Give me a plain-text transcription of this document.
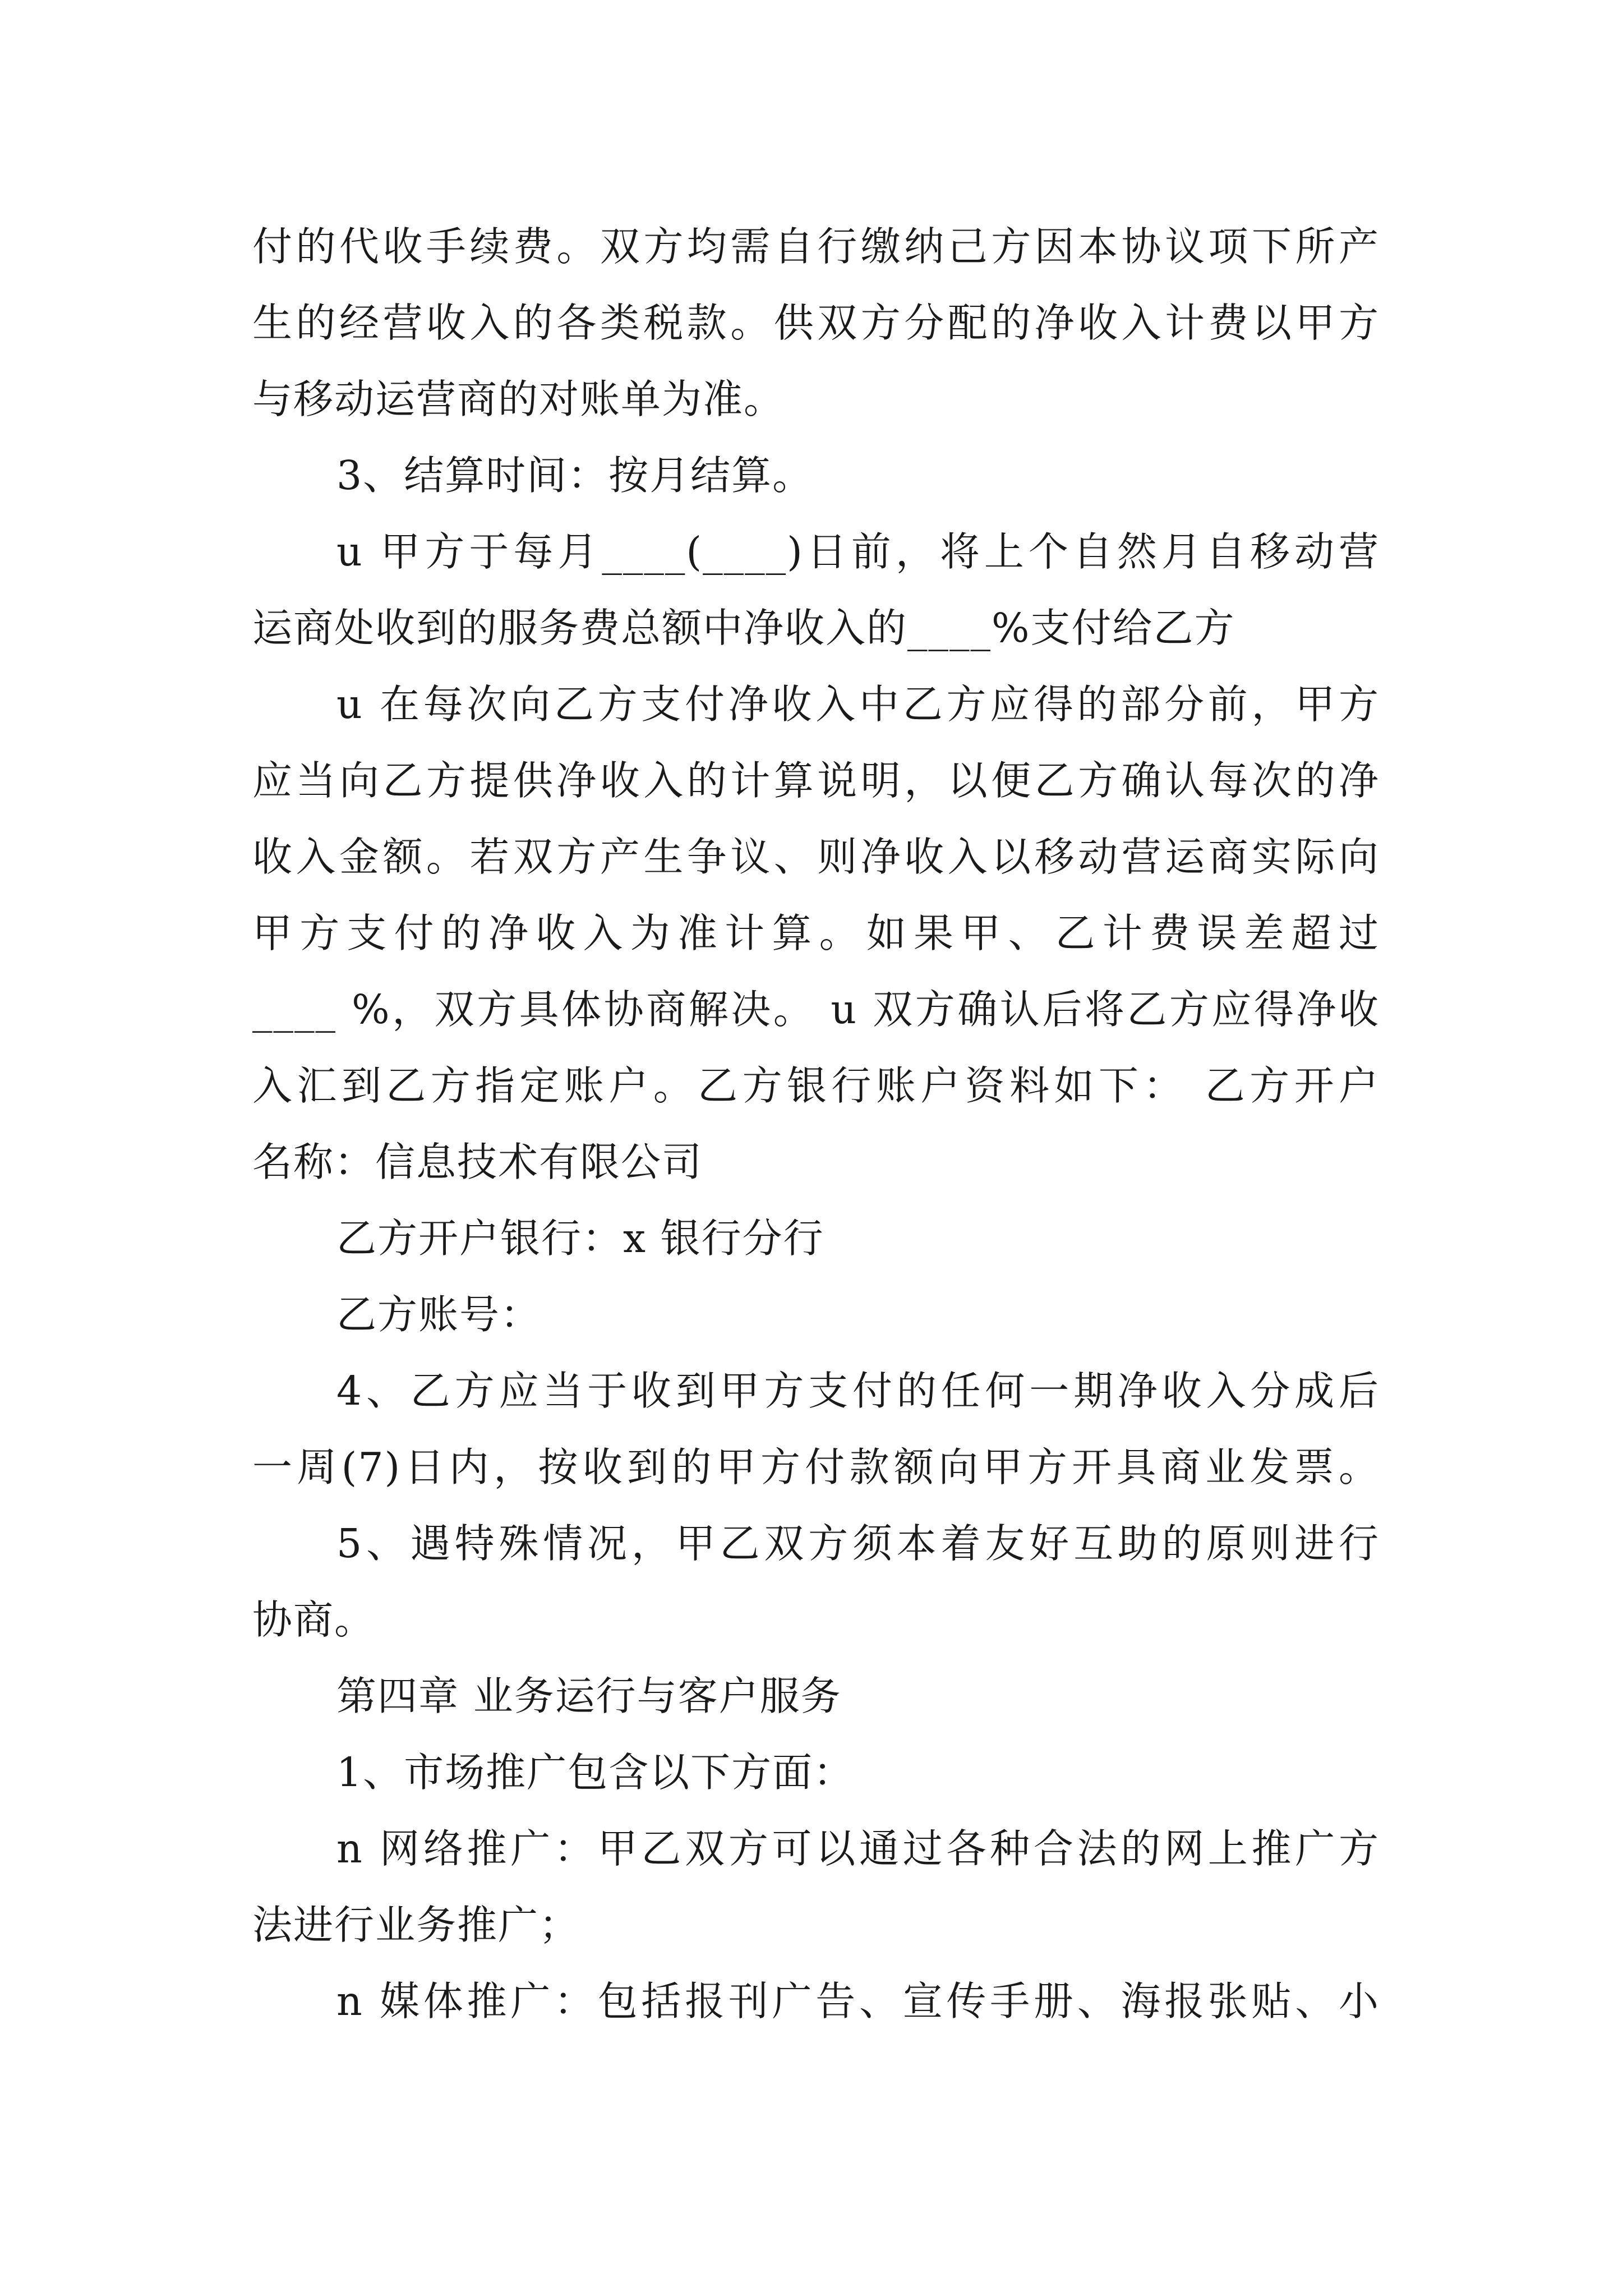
付的代收手续费。双方均需自行缴纳己方因本协议项下所产
生的经营收入的各类税款。供双方分配的净收入计费以甲方
与移动运营商的对账单为准。
3、结算时间：按月结算。
u 甲方于每月____(____)日前，将上个自然月自移动营
运商处收到的服务费总额中净收入的____%支付给乙方
u 在每次向乙方支付净收入中乙方应得的部分前，甲方
应当向乙方提供净收入的计算说明，以便乙方确认每次的净
收入金额。若双方产生争议、则净收入以移动营运商实际向
甲方支付的净收入为准计算。如果甲、乙计费误差超过
____ %，双方具体协商解决。 u 双方确认后将乙方应得净收
入汇到乙方指定账户。乙方银行账户资料如下： 乙方开户
名称：信息技术有限公司
乙方开户银行：x 银行分行
乙方账号：
4、乙方应当于收到甲方支付的任何一期净收入分成后
一周(7)日内，按收到的甲方付款额向甲方开具商业发票。
5、遇特殊情况，甲乙双方须本着友好互助的原则进行
协商。
第四章 业务运行与客户服务
1、市场推广包含以下方面：
n 网络推广：甲乙双方可以通过各种合法的网上推广方
法进行业务推广；
n 媒体推广：包括报刊广告、宣传手册、海报张贴、小
